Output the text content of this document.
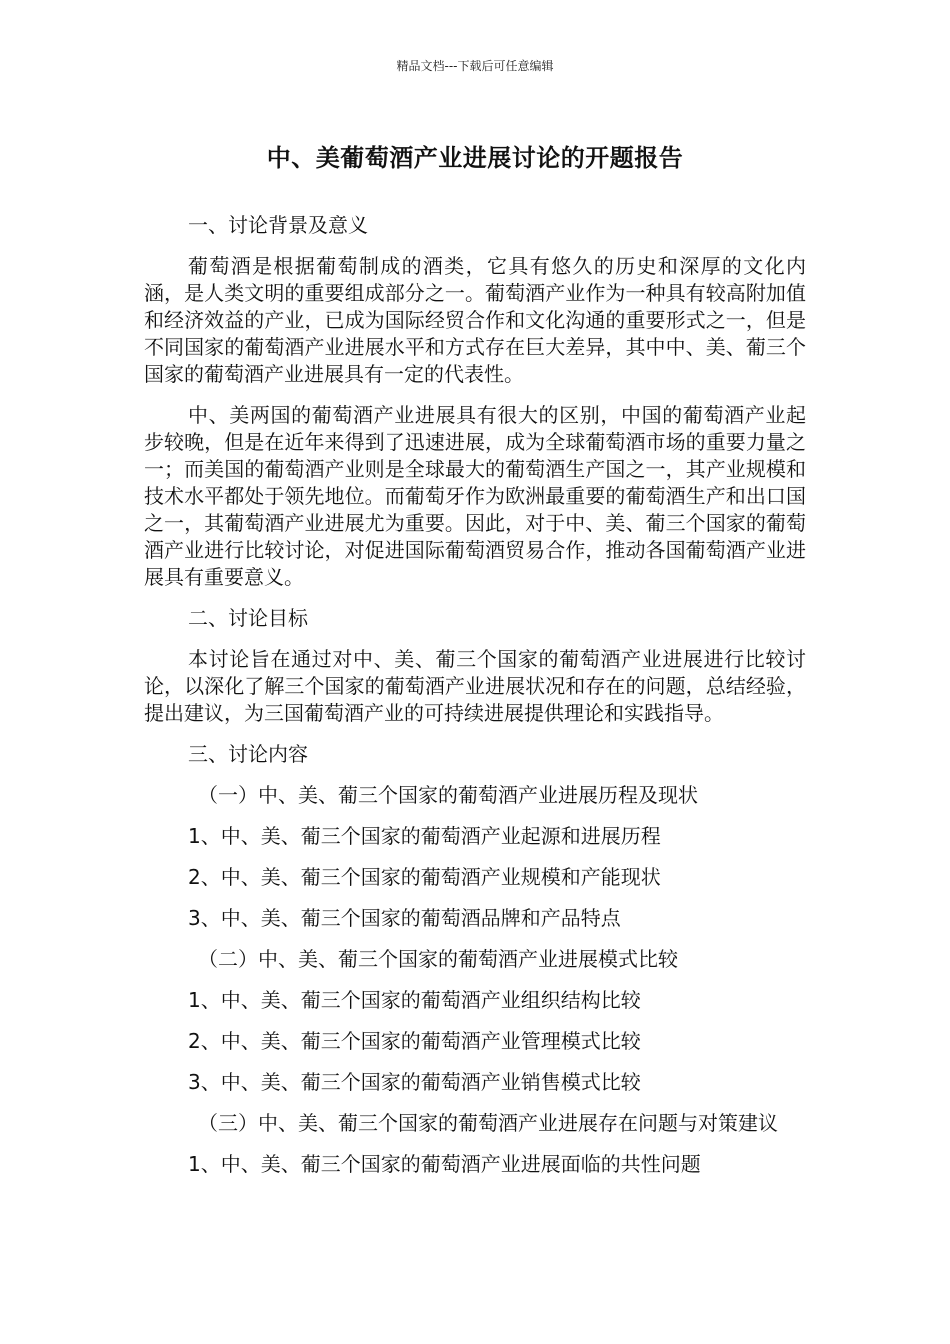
精品文档---下载后可任意编辑
中、美葡萄酒产业进展讨论的开题报告

一、讨论背景及意义

葡萄酒是根据葡萄制成的酒类，它具有悠久的历史和深厚的文化内涵，是人类文明的重要组成部分之一。葡萄酒产业作为一种具有较高附加值和经济效益的产业，已成为国际经贸合作和文化沟通的重要形式之一，但是不同国家的葡萄酒产业进展水平和方式存在巨大差异，其中中、美、葡三个国家的葡萄酒产业进展具有一定的代表性。

中、美两国的葡萄酒产业进展具有很大的区别，中国的葡萄酒产业起步较晚，但是在近年来得到了迅速进展，成为全球葡萄酒市场的重要力量之一；而美国的葡萄酒产业则是全球最大的葡萄酒生产国之一，其产业规模和技术水平都处于领先地位。而葡萄牙作为欧洲最重要的葡萄酒生产和出口国之一，其葡萄酒产业进展尤为重要。因此，对于中、美、葡三个国家的葡萄酒产业进行比较讨论，对促进国际葡萄酒贸易合作，推动各国葡萄酒产业进展具有重要意义。

二、讨论目标

本讨论旨在通过对中、美、葡三个国家的葡萄酒产业进展进行比较讨论，以深化了解三个国家的葡萄酒产业进展状况和存在的问题，总结经验，提出建议，为三国葡萄酒产业的可持续进展提供理论和实践指导。

三、讨论内容

（一）中、美、葡三个国家的葡萄酒产业进展历程及现状

1、中、美、葡三个国家的葡萄酒产业起源和进展历程

2、中、美、葡三个国家的葡萄酒产业规模和产能现状

3、中、美、葡三个国家的葡萄酒品牌和产品特点

（二）中、美、葡三个国家的葡萄酒产业进展模式比较

1、中、美、葡三个国家的葡萄酒产业组织结构比较

2、中、美、葡三个国家的葡萄酒产业管理模式比较

3、中、美、葡三个国家的葡萄酒产业销售模式比较

（三）中、美、葡三个国家的葡萄酒产业进展存在问题与对策建议

1、中、美、葡三个国家的葡萄酒产业进展面临的共性问题
